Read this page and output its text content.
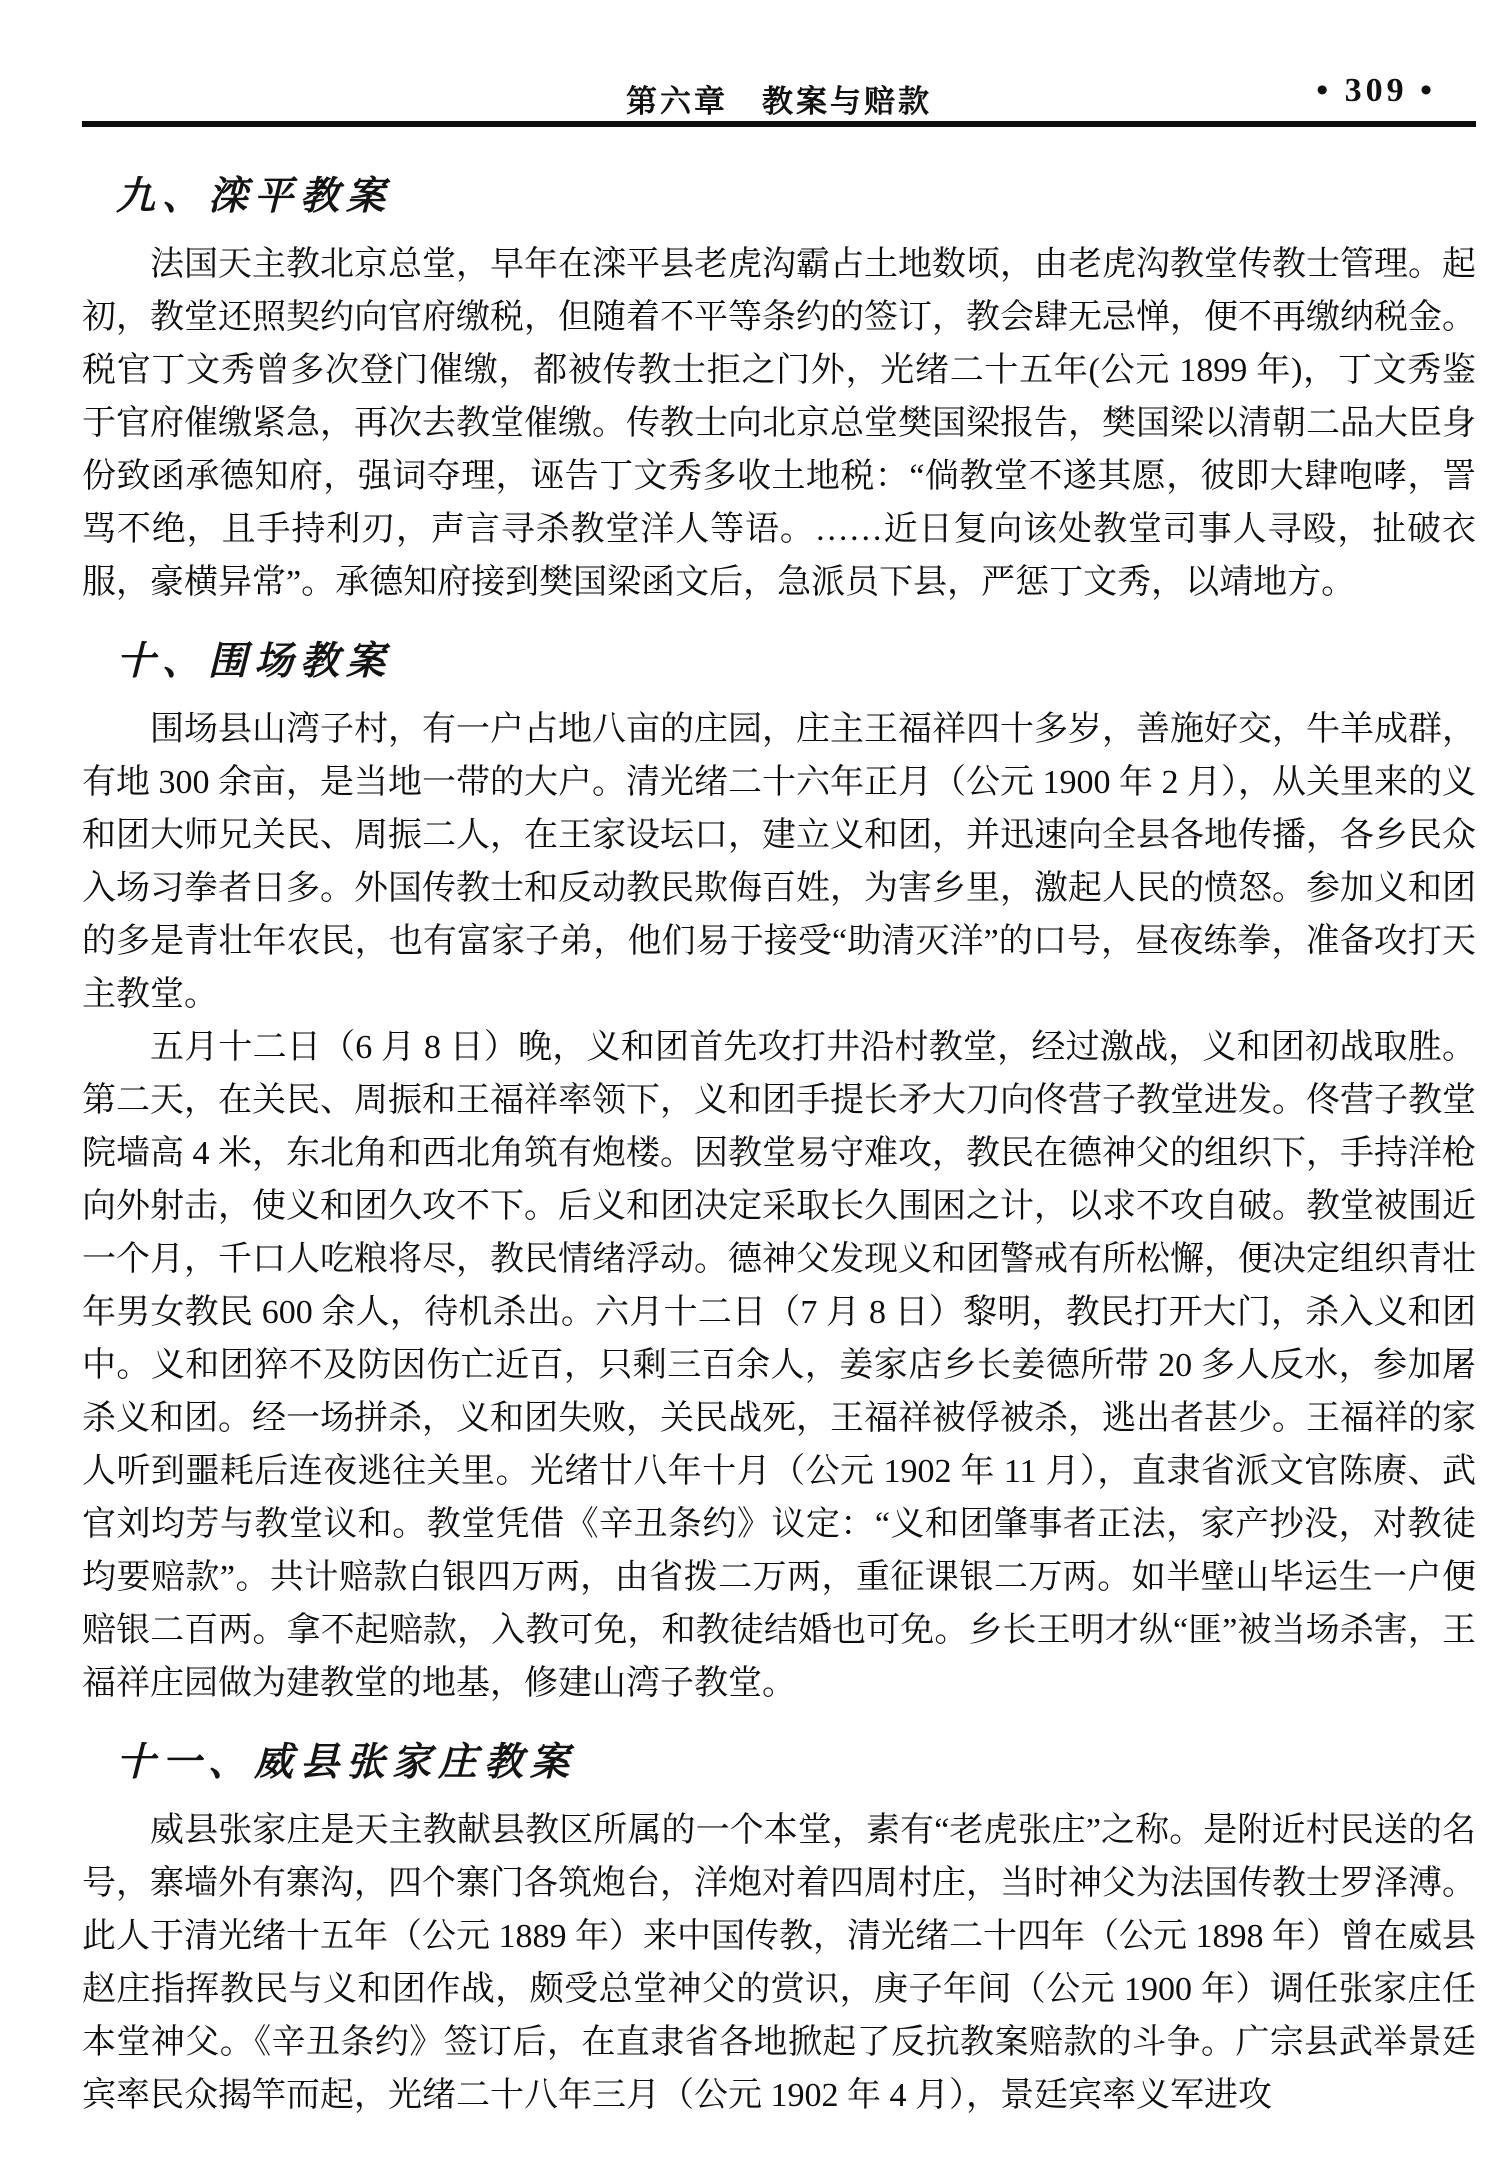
第六章　教案与赔款	• 309 •
九、滦平教案

法国天主教北京总堂，早年在滦平县老虎沟霸占土地数顷，由老虎沟教堂传教士管理。起初，教堂还照契约向官府缴税，但随着不平等条约的签订，教会肆无忌惮，便不再缴纳税金。税官丁文秀曾多次登门催缴，都被传教士拒之门外，光绪二十五年(公元 1899 年)，丁文秀鉴于官府催缴紧急，再次去教堂催缴。传教士向北京总堂樊国梁报告，樊国梁以清朝二品大臣身份致函承德知府，强词夺理，诬告丁文秀多收土地税：“倘教堂不遂其愿，彼即大肆咆哮，詈骂不绝，且手持利刃，声言寻杀教堂洋人等语。……近日复向该处教堂司事人寻殴，扯破衣服，豪横异常”。承德知府接到樊国梁函文后，急派员下县，严惩丁文秀，以靖地方。

十、围场教案

围场县山湾子村，有一户占地八亩的庄园，庄主王福祥四十多岁，善施好交，牛羊成群，有地 300 余亩，是当地一带的大户。清光绪二十六年正月（公元 1900 年 2 月），从关里来的义和团大师兄关民、周振二人，在王家设坛口，建立义和团，并迅速向全县各地传播，各乡民众入场习拳者日多。外国传教士和反动教民欺侮百姓，为害乡里，激起人民的愤怒。参加义和团的多是青壮年农民，也有富家子弟，他们易于接受“助清灭洋”的口号，昼夜练拳，准备攻打天主教堂。

五月十二日（6 月 8 日）晚，义和团首先攻打井沿村教堂，经过激战，义和团初战取胜。第二天，在关民、周振和王福祥率领下，义和团手提长矛大刀向佟营子教堂进发。佟营子教堂院墙高 4 米，东北角和西北角筑有炮楼。因教堂易守难攻，教民在德神父的组织下，手持洋枪向外射击，使义和团久攻不下。后义和团决定采取长久围困之计，以求不攻自破。教堂被围近一个月，千口人吃粮将尽，教民情绪浮动。德神父发现义和团警戒有所松懈，便决定组织青壮年男女教民 600 余人，待机杀出。六月十二日（7 月 8 日）黎明，教民打开大门，杀入义和团中。义和团猝不及防因伤亡近百，只剩三百余人，姜家店乡长姜德所带 20 多人反水，参加屠杀义和团。经一场拼杀，义和团失败，关民战死，王福祥被俘被杀，逃出者甚少。王福祥的家人听到噩耗后连夜逃往关里。光绪廿八年十月（公元 1902 年 11 月），直隶省派文官陈赓、武官刘均芳与教堂议和。教堂凭借《辛丑条约》议定：“义和团肇事者正法，家产抄没，对教徒均要赔款”。共计赔款白银四万两，由省拨二万两，重征课银二万两。如半壁山毕运生一户便赔银二百两。拿不起赔款，入教可免，和教徒结婚也可免。乡长王明才纵“匪”被当场杀害，王福祥庄园做为建教堂的地基，修建山湾子教堂。

十一、威县张家庄教案

威县张家庄是天主教献县教区所属的一个本堂，素有“老虎张庄”之称。是附近村民送的名号，寨墙外有寨沟，四个寨门各筑炮台，洋炮对着四周村庄，当时神父为法国传教士罗泽溥。此人于清光绪十五年（公元 1889 年）来中国传教，清光绪二十四年（公元 1898 年）曾在威县赵庄指挥教民与义和团作战，颇受总堂神父的赏识，庚子年间（公元 1900 年）调任张家庄任本堂神父。《辛丑条约》签订后，在直隶省各地掀起了反抗教案赔款的斗争。广宗县武举景廷宾率民众揭竿而起，光绪二十八年三月（公元 1902 年 4 月），景廷宾率义军进攻
